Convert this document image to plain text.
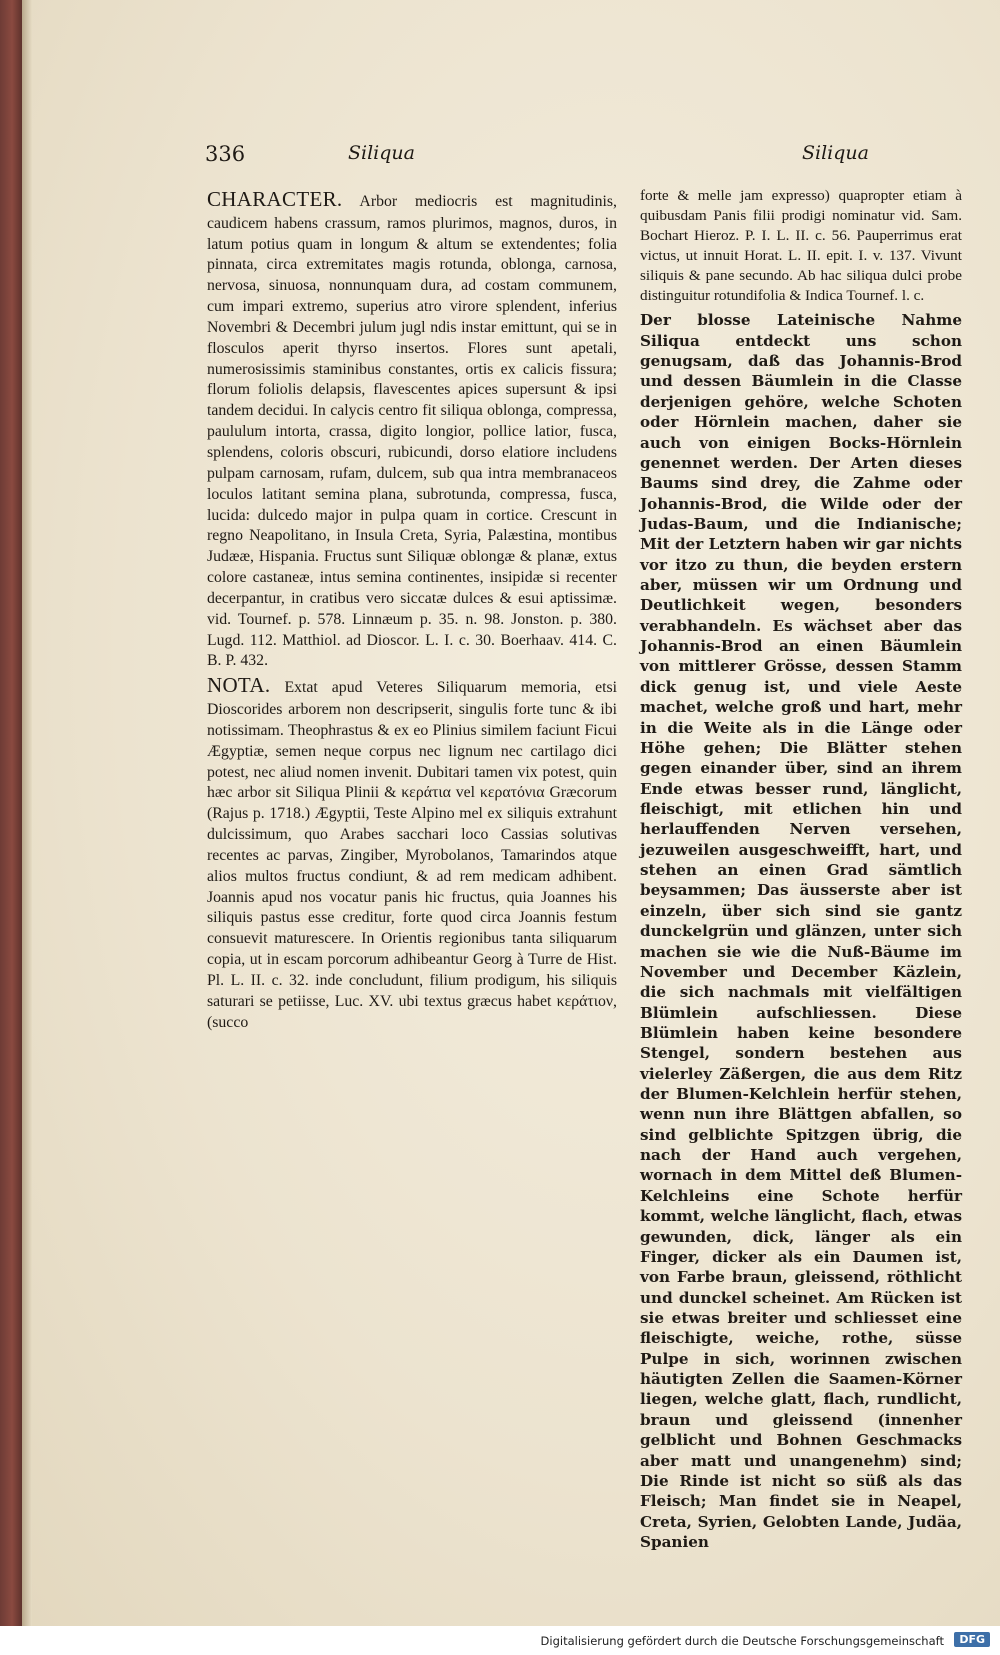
336	Siliqua	Siliqua

CHARACTER. Arbor mediocris est magnitudinis, caudicem habens crassum, ramos plurimos, magnos, duros, in latum potius quam in longum & altum se extendentes; folia pinnata, circa extremitates magis rotunda, oblonga, carnosa, nervosa, sinuosa, nonnunquam dura, ad costam communem, cum impari extremo, superius atro virore splendent, inferius Novembri & Decembri julum jugl ndis instar emittunt, qui se in flosculos aperit thyrso insertos. Flores sunt apetali, numerosissimis staminibus constantes, ortis ex calicis fissura; florum foliolis delapsis, flavescentes apices supersunt & ipsi tandem decidui. In calycis centro fit siliqua oblonga, compressa, paululum intorta, crassa, digito longior, pollice latior, fusca, splendens, coloris obscuri, rubicundi, dorso elatiore includens pulpam carnosam, rufam, dulcem, sub qua intra membranaceos loculos latitant semina plana, subrotunda, compressa, fusca, lucida: dulcedo major in pulpa quam in cortice. Crescunt in regno Neapolitano, in Insula Creta, Syria, Palæstina, montibus Judææ, Hispania. Fructus sunt Siliquæ oblongæ & planæ, extus colore castaneæ, intus semina continentes, insipidæ si recenter decerpantur, in cratibus vero siccatæ dulces & esui aptissimæ. vid. Tournef. p. 578. Linnæum p. 35. n. 98. Jonston. p. 380. Lugd. 112. Matthiol. ad Dioscor. L. I. c. 30. Boerhaav. 414. C. B. P. 432.

NOTA. Extat apud Veteres Siliquarum memoria, etsi Dioscorides arborem non descripserit, singulis forte tunc & ibi notissimam. Theophrastus & ex eo Plinius similem faciunt Ficui Ægyptiæ, semen neque corpus nec lignum nec cartilago dici potest, nec aliud nomen invenit. Dubitari tamen vix potest, quin hæc arbor sit Siliqua Plinii & κεράτια vel κερατόνια Græcorum (Rajus p. 1718.) Ægyptii, Teste Alpino mel ex siliquis extrahunt dulcissimum, quo Arabes sacchari loco Cassias solutivas recentes ac parvas, Zingiber, Myrobolanos, Tamarindos atque alios multos fructus condiunt, & ad rem medicam adhibent. Joannis apud nos vocatur panis hic fructus, quia Joannes his siliquis pastus esse creditur, forte quod circa Joannis festum consuevit maturescere. In Orientis regionibus tanta siliquarum copia, ut in escam porcorum adhibeantur Georg à Turre de Hist. Pl. L. II. c. 32. inde concludunt, filium prodigum, his siliquis saturari se petiisse, Luc. XV. ubi textus græcus habet κεράτιον, (succo

forte & melle jam expresso) quapropter etiam à quibusdam Panis filii prodigi nominatur vid. Sam. Bochart Hieroz. P. I. L. II. c. 56. Pauperrimus erat victus, ut innuit Horat. L. II. epit. I. v. 137. Vivunt siliquis & pane secundo. Ab hac siliqua dulci probe distinguitur rotundifolia & Indica Tournef. l. c.

Der blosse Lateinische Nahme Siliqua entdeckt uns schon genugsam, daß das Johannis-Brod und dessen Bäumlein in die Classe derjenigen gehöre, welche Schoten oder Hörnlein machen, daher sie auch von einigen Bocks-Hörnlein genennet werden. Der Arten dieses Baums sind drey, die Zahme oder Johannis-Brod, die Wilde oder der Judas-Baum, und die Indianische; Mit der Letztern haben wir gar nichts vor itzo zu thun, die beyden erstern aber, müssen wir um Ordnung und Deutlichkeit wegen, besonders verabhandeln. Es wächset aber das Johannis-Brod an einen Bäumlein von mittlerer Grösse, dessen Stamm dick genug ist, und viele Aeste machet, welche groß und hart, mehr in die Weite als in die Länge oder Höhe gehen; Die Blätter stehen gegen einander über, sind an ihrem Ende etwas besser rund, länglicht, fleischigt, mit etlichen hin und herlauffenden Nerven versehen, jezuweilen ausgeschweifft, hart, und stehen an einen Grad sämtlich beysammen; Das äusserste aber ist einzeln, über sich sind sie gantz dunckelgrün und glänzen, unter sich machen sie wie die Nuß-Bäume im November und December Käzlein, die sich nachmals mit vielfältigen Blümlein aufschliessen. Diese Blümlein haben keine besondere Stengel, sondern bestehen aus vielerley Zäßergen, die aus dem Ritz der Blumen-Kelchlein herfür stehen, wenn nun ihre Blättgen abfallen, so sind gelblichte Spitzgen übrig, die nach der Hand auch vergehen, wornach in dem Mittel deß Blumen-Kelchleins eine Schote herfür kommt, welche länglicht, flach, etwas gewunden, dick, länger als ein Finger, dicker als ein Daumen ist, von Farbe braun, gleissend, röthlicht und dunckel scheinet. Am Rücken ist sie etwas breiter und schliesset eine fleischigte, weiche, rothe, süsse Pulpe in sich, worinnen zwischen häutigten Zellen die Saamen-Körner liegen, welche glatt, flach, rundlicht, braun und gleissend (innenher gelblicht und Bohnen Geschmacks aber matt und unangenehm) sind; Die Rinde ist nicht so süß als das Fleisch; Man findet sie in Neapel, Creta, Syrien, Gelobten Lande, Judäa, Spanien

Digitalisierung gefördert durch die Deutsche Forschungsgemeinschaft	DFG
